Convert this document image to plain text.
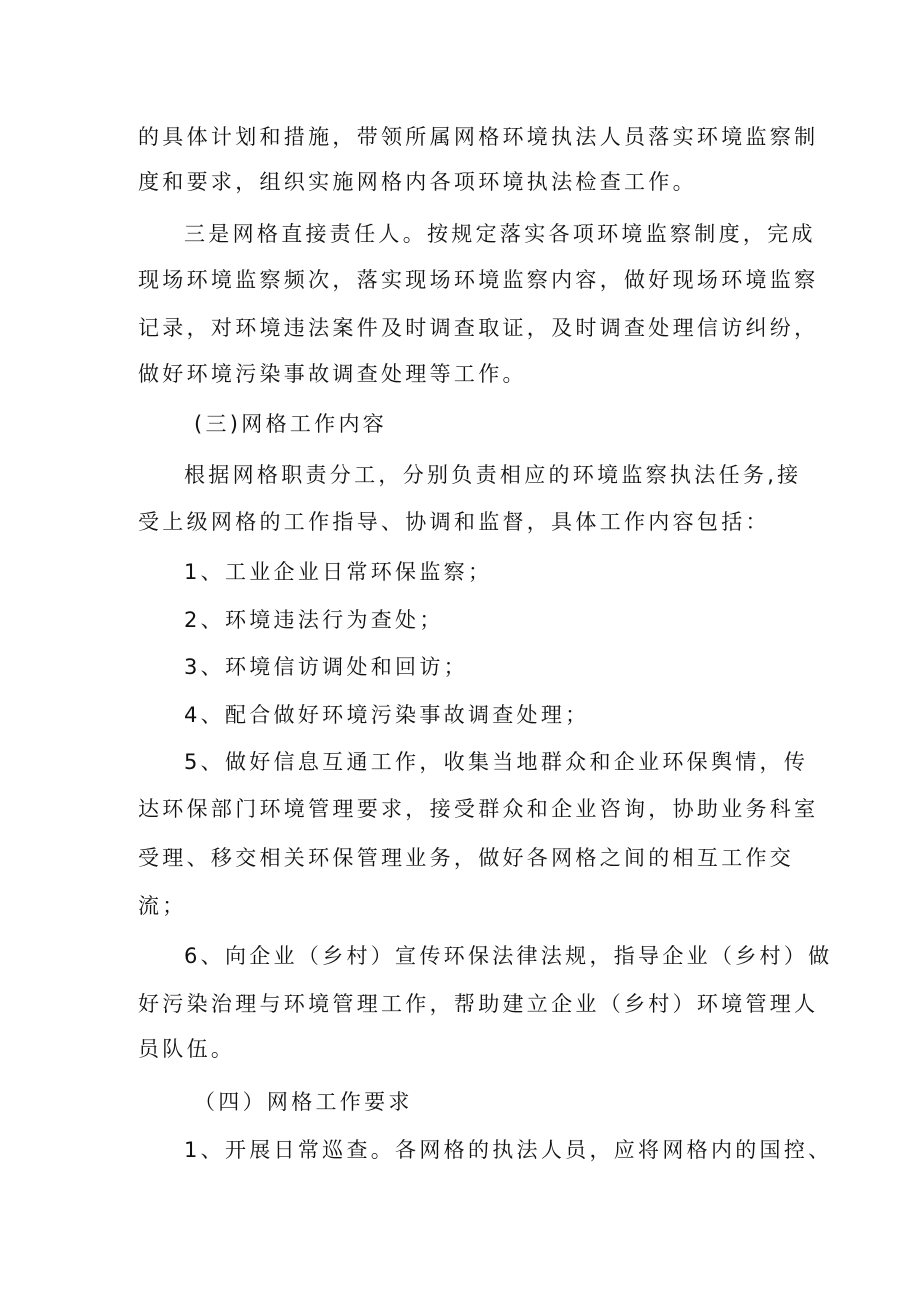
的具体计划和措施，带领所属网格环境执法人员落实环境监察制
度和要求，组织实施网格内各项环境执法检查工作。
三是网格直接责任人。按规定落实各项环境监察制度，完成
现场环境监察频次，落实现场环境监察内容，做好现场环境监察
记录，对环境违法案件及时调查取证，及时调查处理信访纠纷，
做好环境污染事故调查处理等工作。
(三)网格工作内容
根据网格职责分工，分别负责相应的环境监察执法任务,接
受上级网格的工作指导、协调和监督，具体工作内容包括：
1、工业企业日常环保监察；
2、环境违法行为查处；
3、环境信访调处和回访；
4、配合做好环境污染事故调查处理；
5、做好信息互通工作，收集当地群众和企业环保舆情，传
达环保部门环境管理要求，接受群众和企业咨询，协助业务科室
受理、移交相关环保管理业务，做好各网格之间的相互工作交
流；
6、向企业（乡村）宣传环保法律法规，指导企业（乡村）做
好污染治理与环境管理工作，帮助建立企业（乡村）环境管理人
员队伍。
（四）网格工作要求
1、开展日常巡查。各网格的执法人员，应将网格内的国控、
